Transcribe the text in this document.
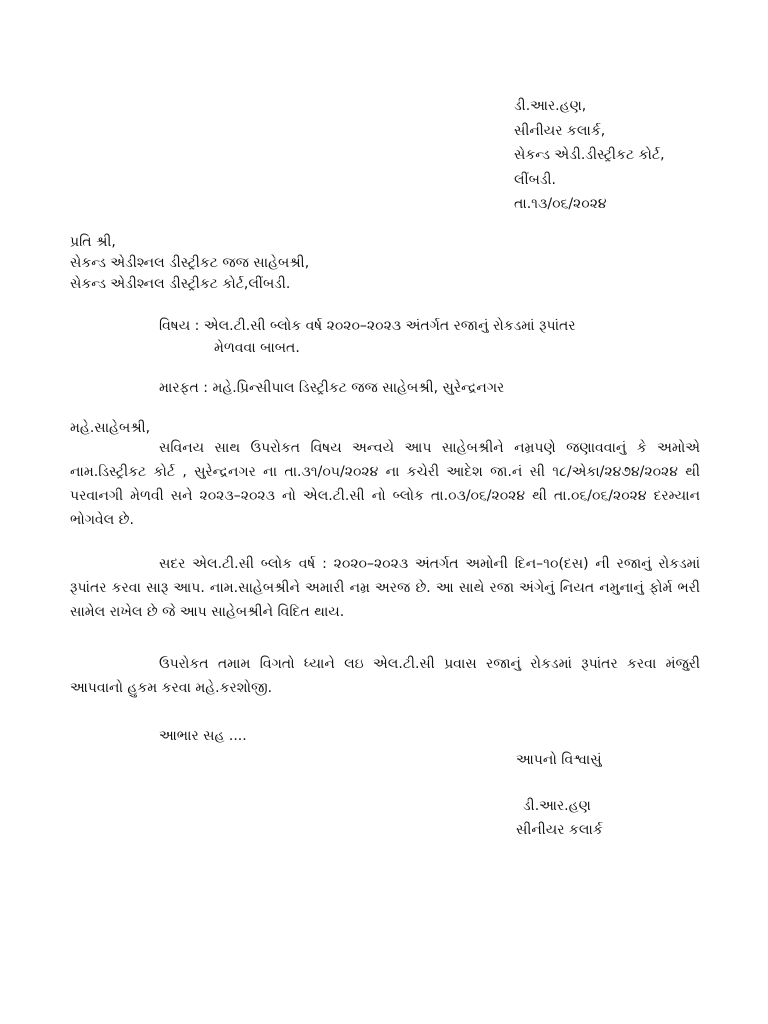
ડી.આર.હણ,
સીનીયર કલાર્ક,
સેકન્ડ એડી.ડીસ્ટ્રીકટ કોર્ટ,
લીંબડી.
તા.૧૩/૦૬/૨૦૨૪
પ્રતિ શ્રી,
સેકન્ડ એડીશ્નલ ડીસ્ટ્રીકટ જજ સાહેબશ્રી,
સેકન્ડ એડીશ્નલ ડીસ્ટ્રીકટ કોર્ટ,લીંબડી.
વિષય : એલ.ટી.સી બ્લોક વર્ષ ૨૦૨૦–૨૦૨૩ અંતર્ગત રજાનું રોકડમાં રૂપાંતર
મેળવવા બાબત.
મારફત : મહે.પ્રિન્સીપાલ ડિસ્ટ્રીકટ જજ સાહેબશ્રી, સુરેન્દ્રનગર
મહે.સાહેબશ્રી,
સવિનય સાથ ઉપરોકત વિષય અન્વયે આપ સાહેબશ્રીને નમ્રપણે જણાવવાનું કે અમોએ નામ.ડિસ્ટ્રીકટ કોર્ટ , સુરેન્દ્રનગર ના તા.૩૧/૦૫/૨૦૨૪ ના કચેરી આદેશ જા.નં સી ૧૮/એકા/૨૪૭૪/૨૦૨૪ થી પરવાનગી મેળવી સને ૨૦૨૩–૨૦૨૩ નો એલ.ટી.સી નો બ્લોક તા.૦૩/૦૬/૨૦૨૪ થી તા.૦૬/૦૬/૨૦૨૪ દરમ્યાન ભોગવેલ છે.
સદર એલ.ટી.સી બ્લોક વર્ષ : ૨૦૨૦–૨૦૨૩ અંતર્ગત અમોની દિન–૧૦(દસ) ની રજાનું રોકડમાં રૂપાંતર કરવા સારૂ આપ. નામ.સાહેબશ્રીને અમારી નમ્ર અરજ છે. આ સાથે રજા અંગેનું નિયત નમુનાનું ફોર્મ ભરી સામેલ રાખેલ છે જે આપ સાહેબશ્રીને વિદિત થાય.
ઉપરોકત તમામ વિગતો ધ્યાને લઇ એલ.ટી.સી પ્રવાસ રજાનું રોકડમાં રૂપાંતર કરવા મંજુરી આપવાનો હુકમ કરવા મહે.કરશોજી.
આભાર સહ ....
આપનો વિશ્વાસું
ડી.આર.હણ
સીનીયર કલાર્ક
